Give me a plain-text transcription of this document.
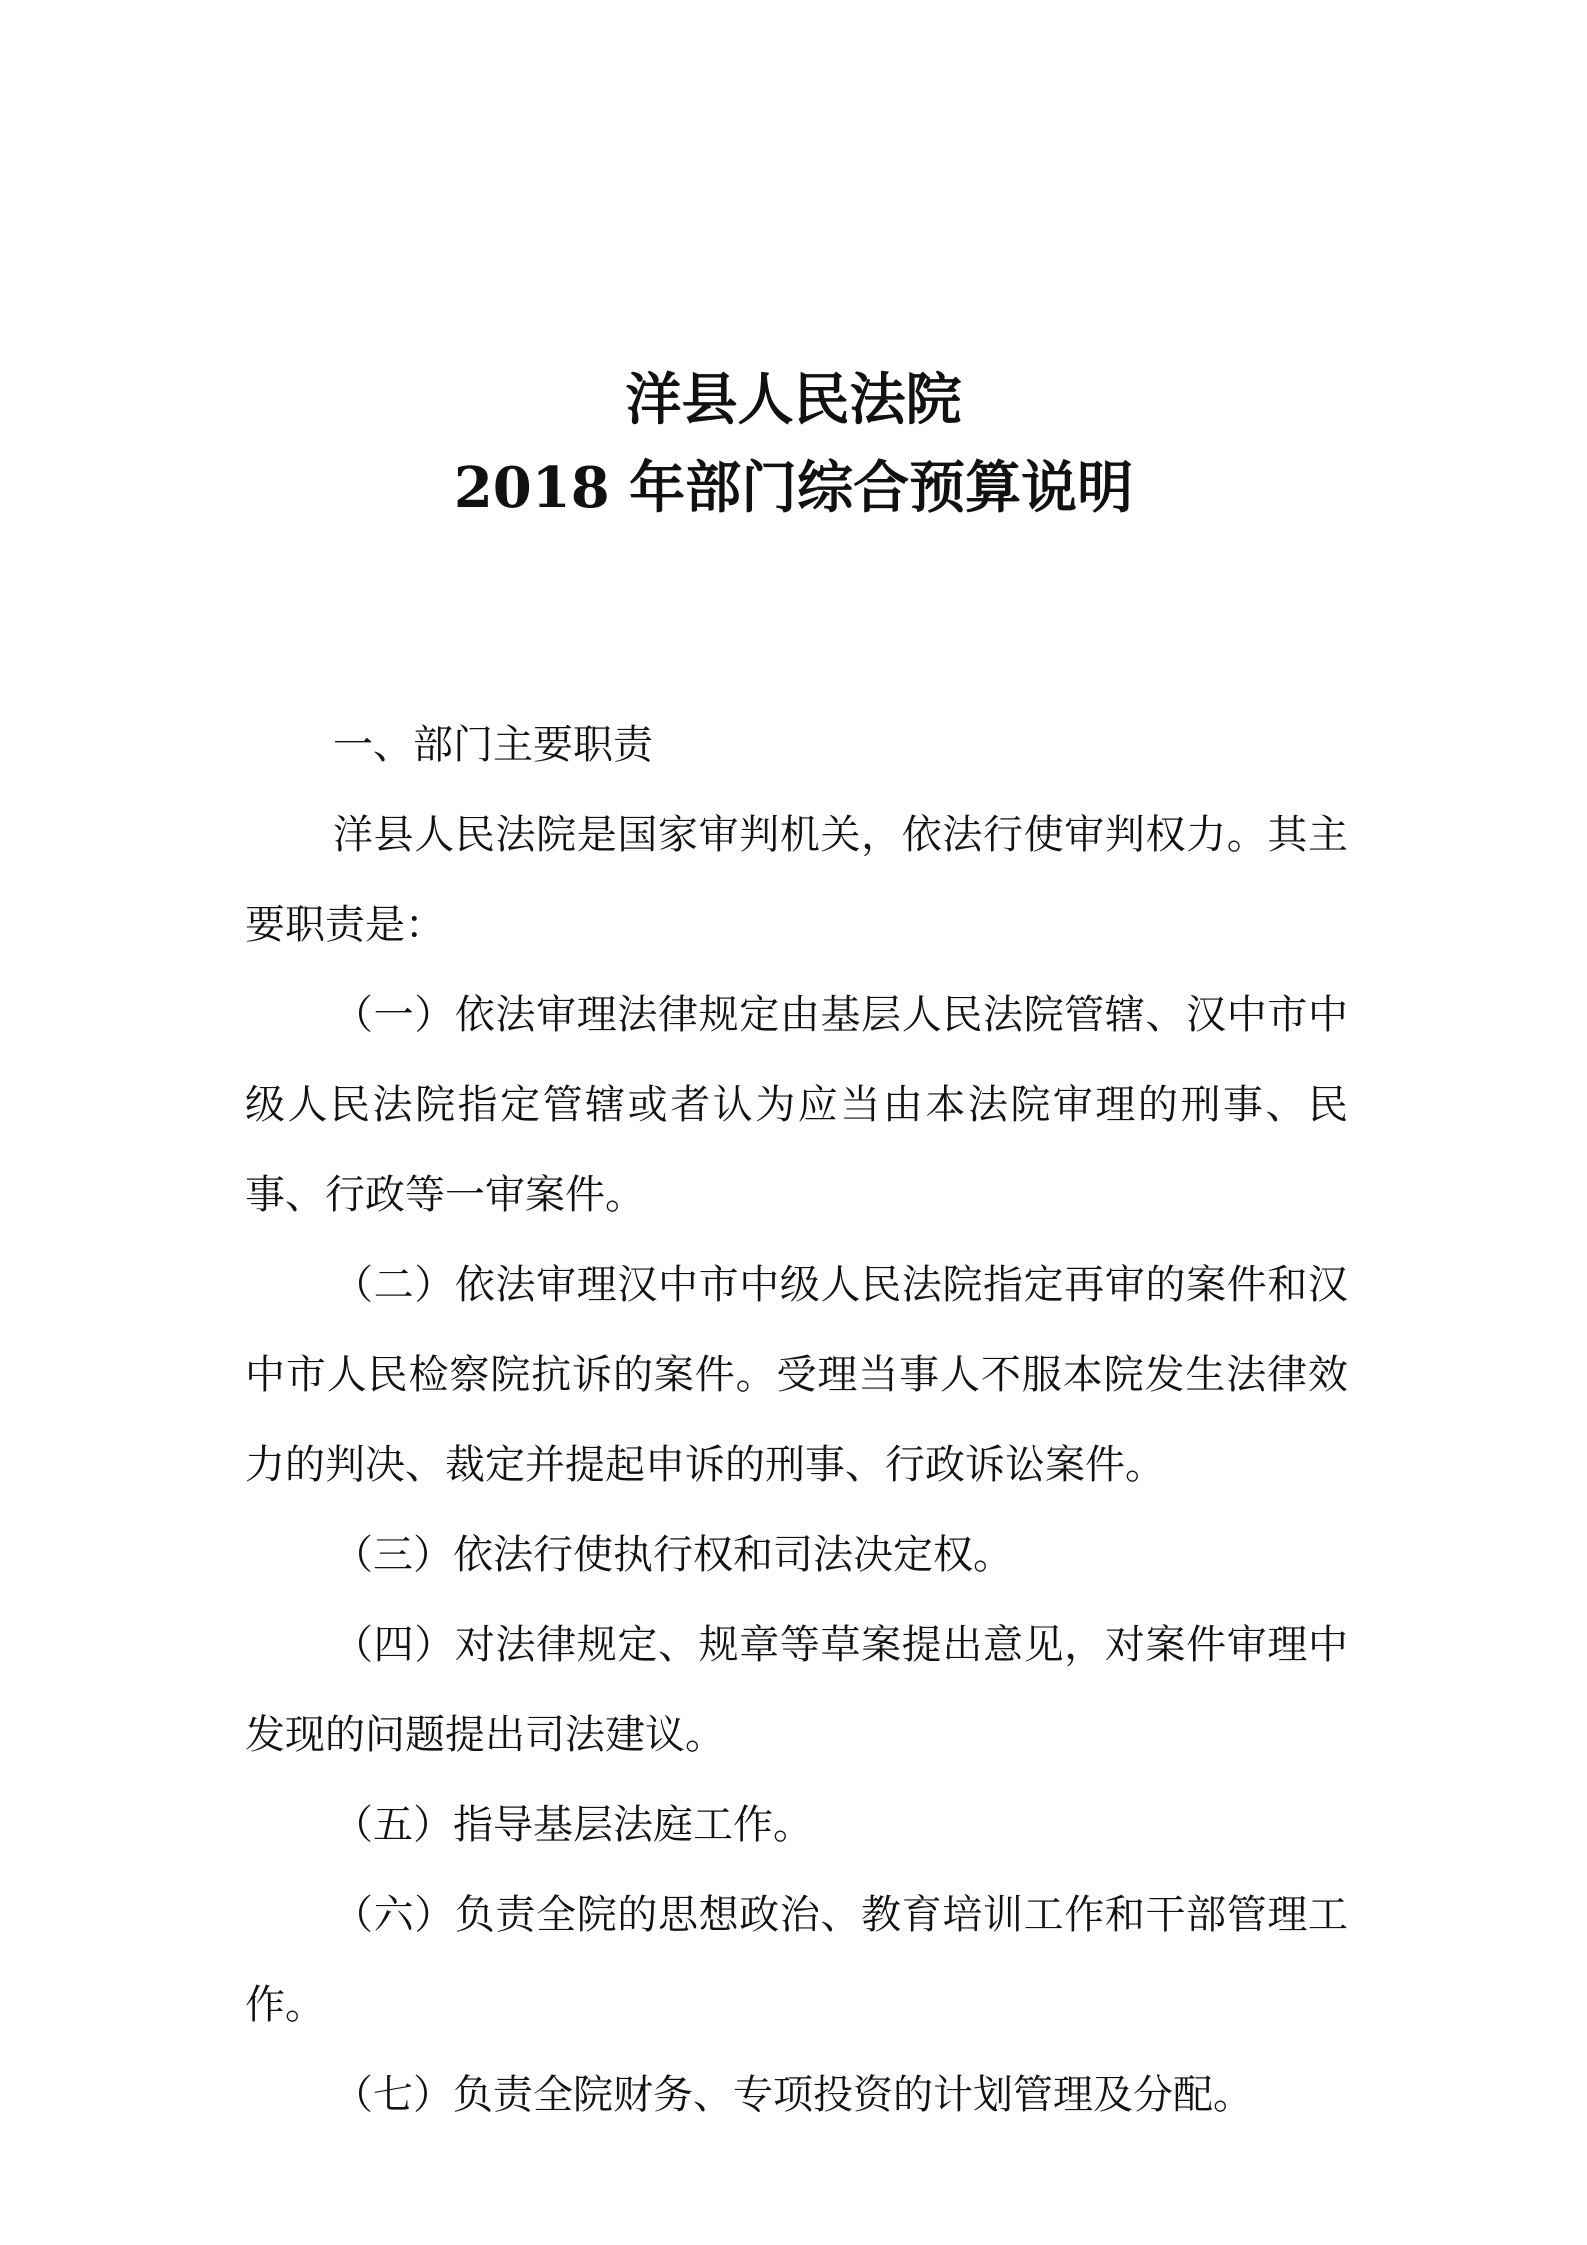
洋县人民法院
2018 年部门综合预算说明

一、部门主要职责

洋县人民法院是国家审判机关，依法行使审判权力。其主要职责是：

（一）依法审理法律规定由基层人民法院管辖、汉中市中级人民法院指定管辖或者认为应当由本法院审理的刑事、民事、行政等一审案件。

（二）依法审理汉中市中级人民法院指定再审的案件和汉中市人民检察院抗诉的案件。受理当事人不服本院发生法律效力的判决、裁定并提起申诉的刑事、行政诉讼案件。

（三）依法行使执行权和司法决定权。

（四）对法律规定、规章等草案提出意见，对案件审理中发现的问题提出司法建议。

（五）指导基层法庭工作。

（六）负责全院的思想政治、教育培训工作和干部管理工作。

（七）负责全院财务、专项投资的计划管理及分配。
